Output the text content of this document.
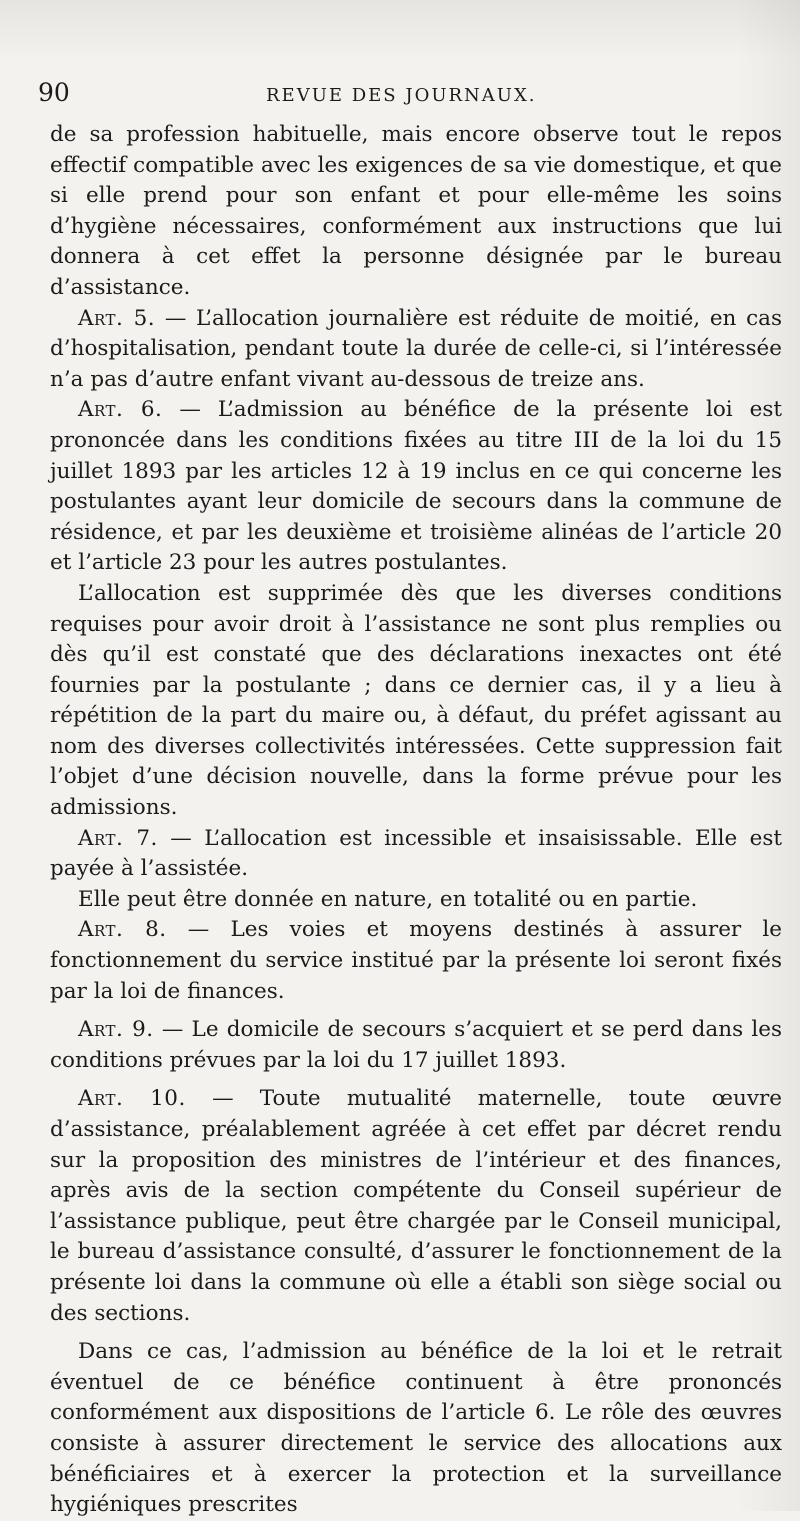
90	REVUE DES JOURNAUX.

de sa profession habituelle, mais encore observe tout le repos effectif compatible avec les exigences de sa vie domestique, et que si elle prend pour son enfant et pour elle-même les soins d’hygiène nécessaires, conformément aux instructions que lui donnera à cet effet la personne désignée par le bureau d’assistance.

Art. 5. — L’allocation journalière est réduite de moitié, en cas d’hospitalisation, pendant toute la durée de celle-ci, si l’intéressée n’a pas d’autre enfant vivant au-dessous de treize ans.

Art. 6. — L’admission au bénéfice de la présente loi est prononcée dans les conditions fixées au titre III de la loi du 15 juillet 1893 par les articles 12 à 19 inclus en ce qui concerne les postulantes ayant leur domicile de secours dans la commune de résidence, et par les deuxième et troisième alinéas de l’article 20 et l’article 23 pour les autres postulantes.

L’allocation est supprimée dès que les diverses conditions requises pour avoir droit à l’assistance ne sont plus remplies ou dès qu’il est constaté que des déclarations inexactes ont été fournies par la postulante ; dans ce dernier cas, il y a lieu à répétition de la part du maire ou, à défaut, du préfet agissant au nom des diverses collectivités intéressées. Cette suppression fait l’objet d’une décision nouvelle, dans la forme prévue pour les admissions.

Art. 7. — L’allocation est incessible et insaisissable. Elle est payée à l’assistée.

Elle peut être donnée en nature, en totalité ou en partie.

Art. 8. — Les voies et moyens destinés à assurer le fonctionnement du service institué par la présente loi seront fixés par la loi de finances.

Art. 9. — Le domicile de secours s’acquiert et se perd dans les conditions prévues par la loi du 17 juillet 1893.

Art. 10. — Toute mutualité maternelle, toute œuvre d’assistance, préalablement agréée à cet effet par décret rendu sur la proposition des ministres de l’intérieur et des finances, après avis de la section compétente du Conseil supérieur de l’assistance publique, peut être chargée par le Conseil municipal, le bureau d’assistance consulté, d’assurer le fonctionnement de la présente loi dans la commune où elle a établi son siège social ou des sections.

Dans ce cas, l’admission au bénéfice de la loi et le retrait éventuel de ce bénéfice continuent à être prononcés conformément aux dispositions de l’article 6. Le rôle des œuvres consiste à assurer directement le service des allocations aux bénéficiaires et à exercer la protection et la surveillance hygiéniques prescrites
